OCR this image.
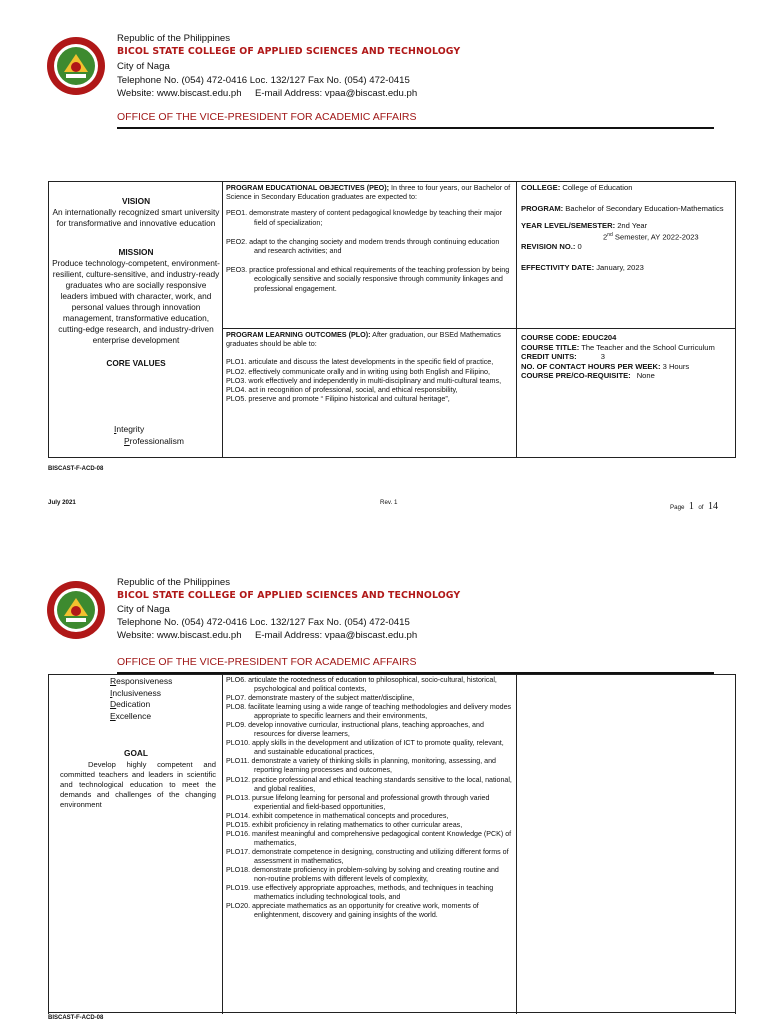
Republic of the Philippines
BICOL STATE COLLEGE OF APPLIED SCIENCES AND TECHNOLOGY
City of Naga
Telephone No. (054) 472-0416 Loc. 132/127 Fax No. (054) 472-0415
Website: www.biscast.edu.ph E-mail Address: vpaa@biscast.edu.ph
OFFICE OF THE VICE-PRESIDENT FOR ACADEMIC AFFAIRS
VISION
An internationally recognized smart university for transformative and innovative education
MISSION
Produce technology-competent, environment-resilient, culture-sensitive, and industry-ready graduates who are socially responsive leaders imbued with character, work, and personal values through innovation management, transformative education, cutting-edge research, and industry-driven enterprise development
CORE VALUES
Integrity
Professionalism
PROGRAM EDUCATIONAL OBJECTIVES (PEO); In three to four years, our Bachelor of Science in Secondary Education graduates are expected to:

PEO1. demonstrate mastery of content pedagogical knowledge by teaching their major field of specialization;

PEO2. adapt to the changing society and modern trends through continuing education and research activities; and

PEO3. practice professional and ethical requirements of the teaching profession by being ecologically sensitive and socially responsive through community linkages and professional engagement.

PROGRAM LEARNING OUTCOMES (PLO): After graduation, our BSEd Mathematics graduates should be able to:

PLO1. articulate and discuss the latest developments in the specific field of practice,

PLO2. effectively communicate orally and in writing using both English and Filipino,

PLO3. work effectively and independently in multi-disciplinary and multi-cultural teams,

PLO4. act in recognition of professional, social, and ethical responsibility,

PLO5. preserve and promote “ Filipino historical and cultural heritage”,

COLLEGE: College of Education
PROGRAM: Bachelor of Secondary Education-Mathematics
YEAR LEVEL/SEMESTER: 2nd Year
2nd Semester, AY 2022-2023
REVISION NO.: 0
EFFECTIVITY DATE: January, 2023
COURSE CODE: EDUC204
COURSE TITLE: The Teacher and the School Curriculum
CREDIT UNITS:	3
NO. OF CONTACT HOURS PER WEEK: 3 Hours
COURSE PRE/CO-REQUISITE: None
BISCAST-F-ACD-08
July 2021	Rev. 1
Page 1 of 14
Republic of the Philippines
BICOL STATE COLLEGE OF APPLIED SCIENCES AND TECHNOLOGY
City of Naga
Telephone No. (054) 472-0416 Loc. 132/127 Fax No. (054) 472-0415
Website: www.biscast.edu.ph E-mail Address: vpaa@biscast.edu.ph
OFFICE OF THE VICE-PRESIDENT FOR ACADEMIC AFFAIRS
Responsiveness
Inclusiveness
Dedication
Excellence
GOAL
Develop highly competent and committed teachers and leaders in scientific and technological education to meet the demands and challenges of the changing environment

PLO6. articulate the rootedness of education to philosophical, socio-cultural, historical, psychological and political contexts,

PLO7. demonstrate mastery of the subject matter/discipline,

PLO8. facilitate learning using a wide range of teaching methodologies and delivery modes appropriate to specific learners and their environments,

PLO9. develop innovative curricular, instructional plans, teaching approaches, and resources for diverse learners,

PLO10. apply skills in the development and utilization of ICT to promote quality, relevant, and sustainable educational practices,

PLO11. demonstrate a variety of thinking skills in planning, monitoring, assessing, and reporting learning processes and outcomes,

PLO12. practice professional and ethical teaching standards sensitive to the local, national, and global realities,

PLO13. pursue lifelong learning for personal and professional growth through varied experiential and field-based opportunities,

PLO14. exhibit competence in mathematical concepts and procedures,

PLO15. exhibit proficiency in relating mathematics to other curricular areas,

PLO16. manifest meaningful and comprehensive pedagogical content Knowledge (PCK) of mathematics,

PLO17. demonstrate competence in designing, constructing and utilizing different forms of assessment in mathematics,

PLO18. demonstrate proficiency in problem-solving by solving and creating routine and non-routine problems with different levels of complexity,

PLO19. use effectively appropriate approaches, methods, and techniques in teaching mathematics including technological tools, and

PLO20. appreciate mathematics as an opportunity for creative work, moments of enlightenment, discovery and gaining insights of the world.

BISCAST-F-ACD-08
